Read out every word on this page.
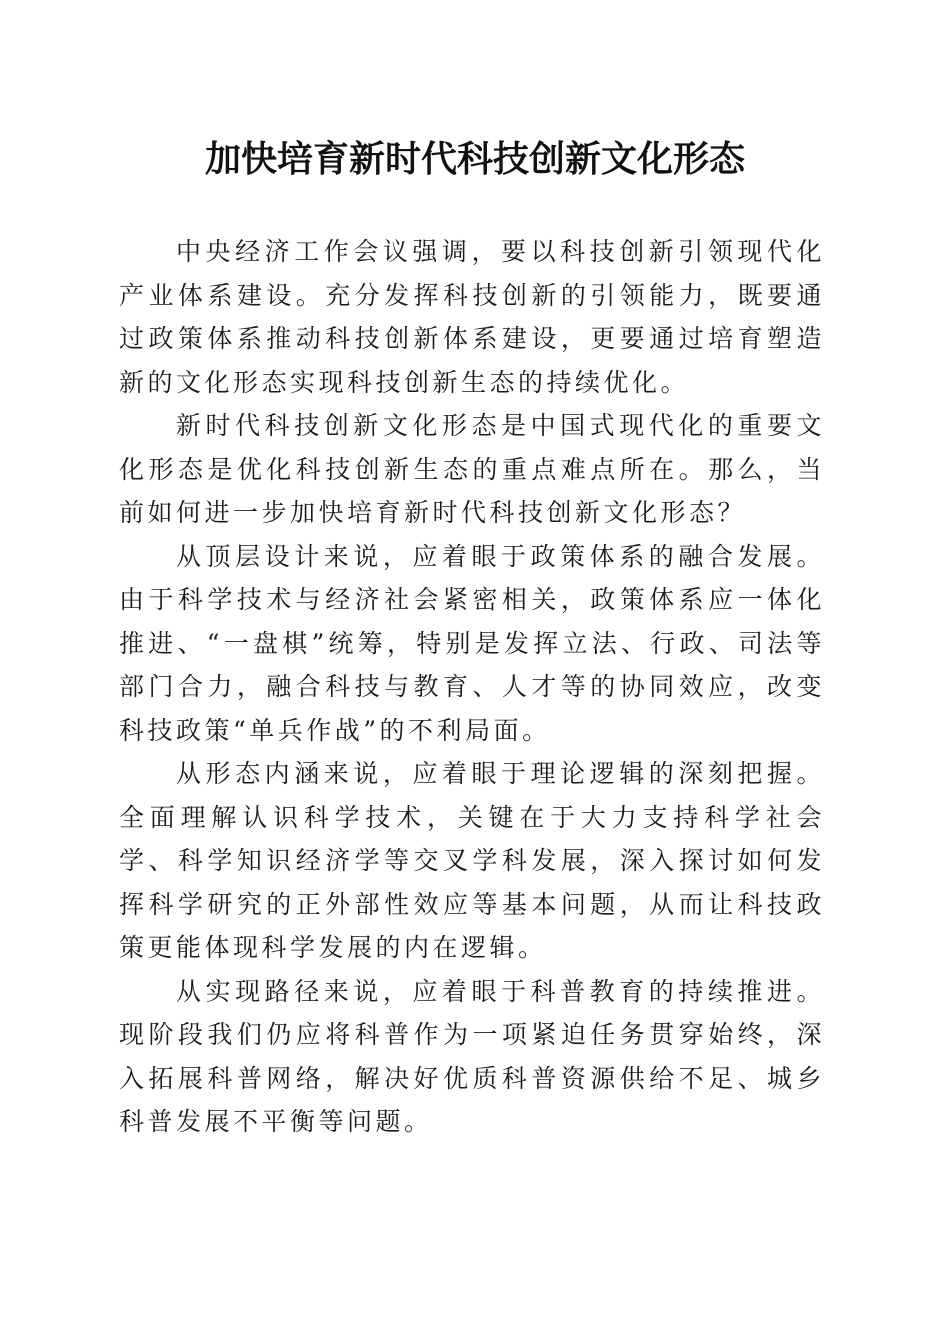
加快培育新时代科技创新文化形态

中央经济工作会议强调，要以科技创新引领现代化产业体系建设。充分发挥科技创新的引领能力，既要通过政策体系推动科技创新体系建设，更要通过培育塑造新的文化形态实现科技创新生态的持续优化。

新时代科技创新文化形态是中国式现代化的重要文化形态是优化科技创新生态的重点难点所在。那么，当前如何进一步加快培育新时代科技创新文化形态？

从顶层设计来说，应着眼于政策体系的融合发展。由于科学技术与经济社会紧密相关，政策体系应一体化推进、“一盘棋”统筹，特别是发挥立法、行政、司法等部门合力，融合科技与教育、人才等的协同效应，改变科技政策“单兵作战”的不利局面。

从形态内涵来说，应着眼于理论逻辑的深刻把握。全面理解认识科学技术，关键在于大力支持科学社会学、科学知识经济学等交叉学科发展，深入探讨如何发挥科学研究的正外部性效应等基本问题，从而让科技政策更能体现科学发展的内在逻辑。

从实现路径来说，应着眼于科普教育的持续推进。现阶段我们仍应将科普作为一项紧迫任务贯穿始终，深入拓展科普网络，解决好优质科普资源供给不足、城乡科普发展不平衡等问题。
